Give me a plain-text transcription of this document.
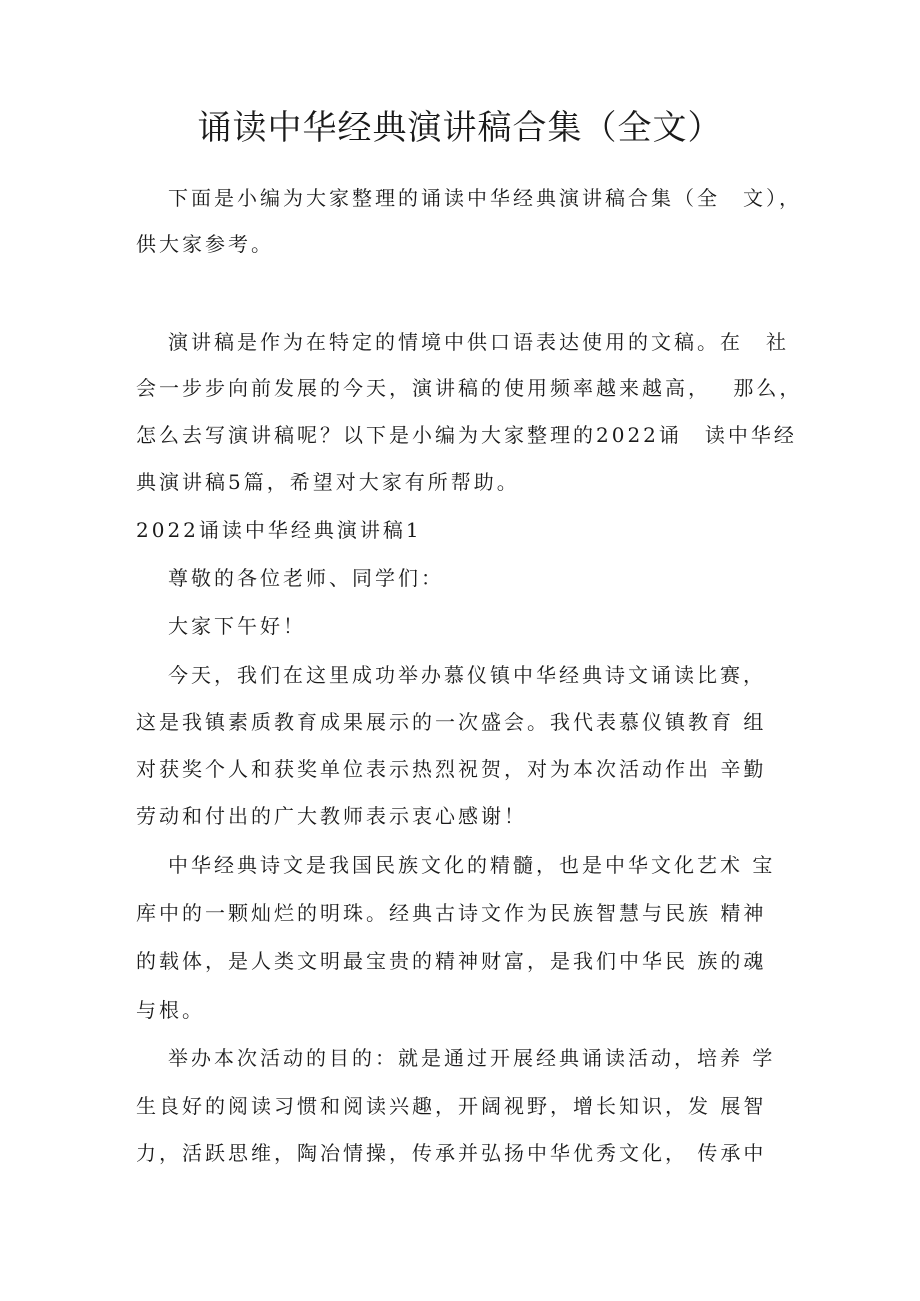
诵读中华经典演讲稿合集（全文）
下面是小编为大家整理的诵读中华经典演讲稿合集（全　文），
供大家参考。
演讲稿是作为在特定的情境中供口语表达使用的文稿。在　社
会一步步向前发展的今天，演讲稿的使用频率越来越高，　 那么，
怎么去写演讲稿呢？以下是小编为大家整理的2022诵　读中华经
典演讲稿5篇，希望对大家有所帮助。
2022诵读中华经典演讲稿1
尊敬的各位老师、同学们：
大家下午好！
今天，我们在这里成功举办慕仪镇中华经典诗文诵读比赛，
这是我镇素质教育成果展示的一次盛会。我代表慕仪镇教育 组
对获奖个人和获奖单位表示热烈祝贺，对为本次活动作出 辛勤
劳动和付出的广大教师表示衷心感谢！
中华经典诗文是我国民族文化的精髓，也是中华文化艺术 宝
库中的一颗灿烂的明珠。经典古诗文作为民族智慧与民族 精神
的载体，是人类文明最宝贵的精神财富，是我们中华民 族的魂
与根。
举办本次活动的目的：就是通过开展经典诵读活动，培养 学
生良好的阅读习惯和阅读兴趣，开阔视野，增长知识，发 展智
力，活跃思维，陶冶情操，传承并弘扬中华优秀文化， 传承中
